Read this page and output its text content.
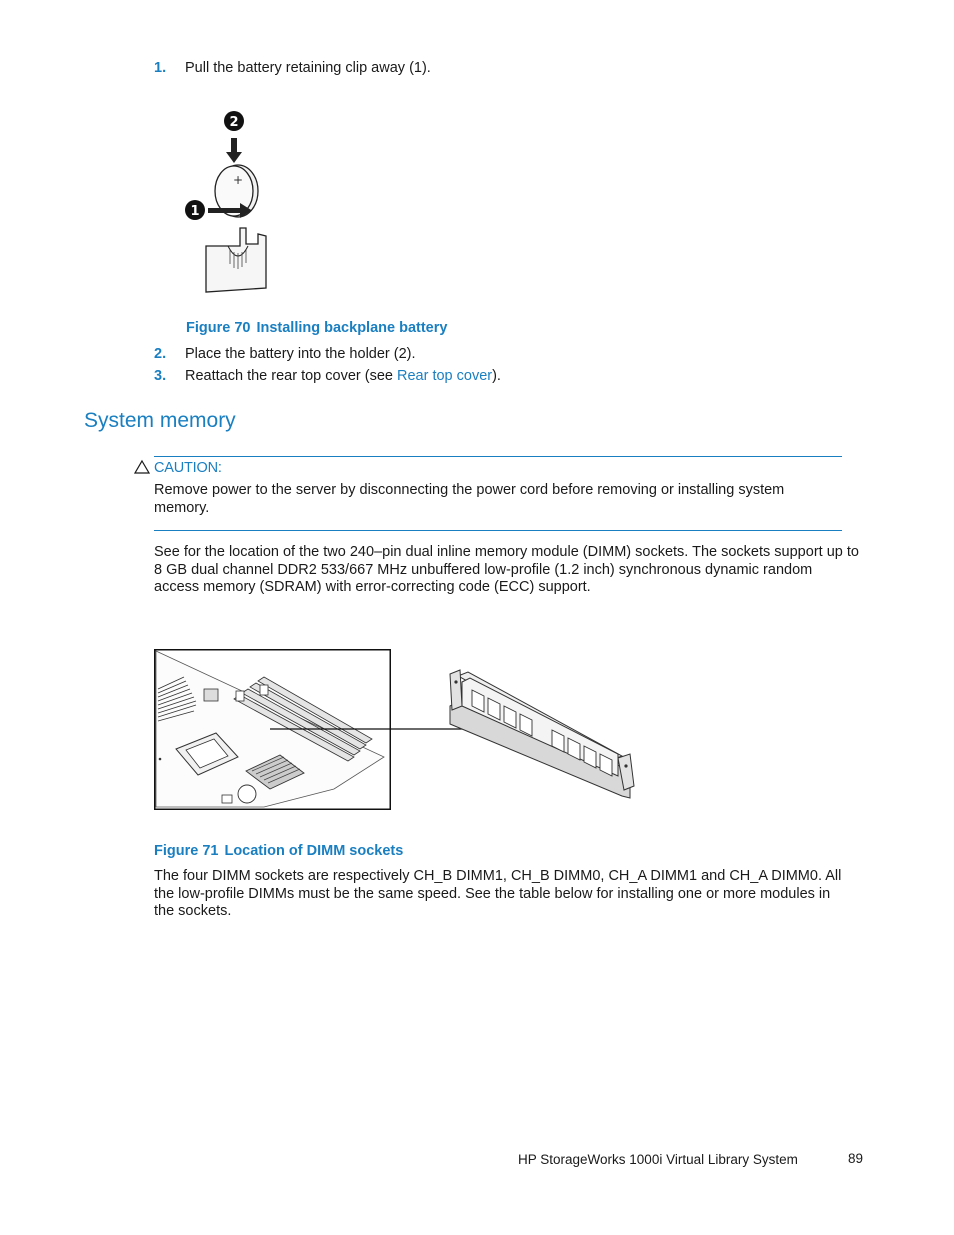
1. Pull the battery retaining clip away (1).
2
+
1
Figure 70 Installing backplane battery
2. Place the battery into the holder (2).
3. Reattach the rear top cover (see Rear top cover).
System memory
CAUTION:
Remove power to the server by disconnecting the power cord before removing or installing system memory.
See for the location of the two 240–pin dual inline memory module (DIMM) sockets. The sockets support up to 8 GB dual channel DDR2 533/667 MHz unbuffered low-profile (1.2 inch) synchronous dynamic random access memory (SDRAM) with error-correcting code (ECC) support.
Figure 71 Location of DIMM sockets
The four DIMM sockets are respectively CH_B DIMM1, CH_B DIMM0, CH_A DIMM1 and CH_A DIMM0. All the low-profile DIMMs must be the same speed. See the table below for installing one or more modules in the sockets.
HP StorageWorks 1000i Virtual Library System	89
